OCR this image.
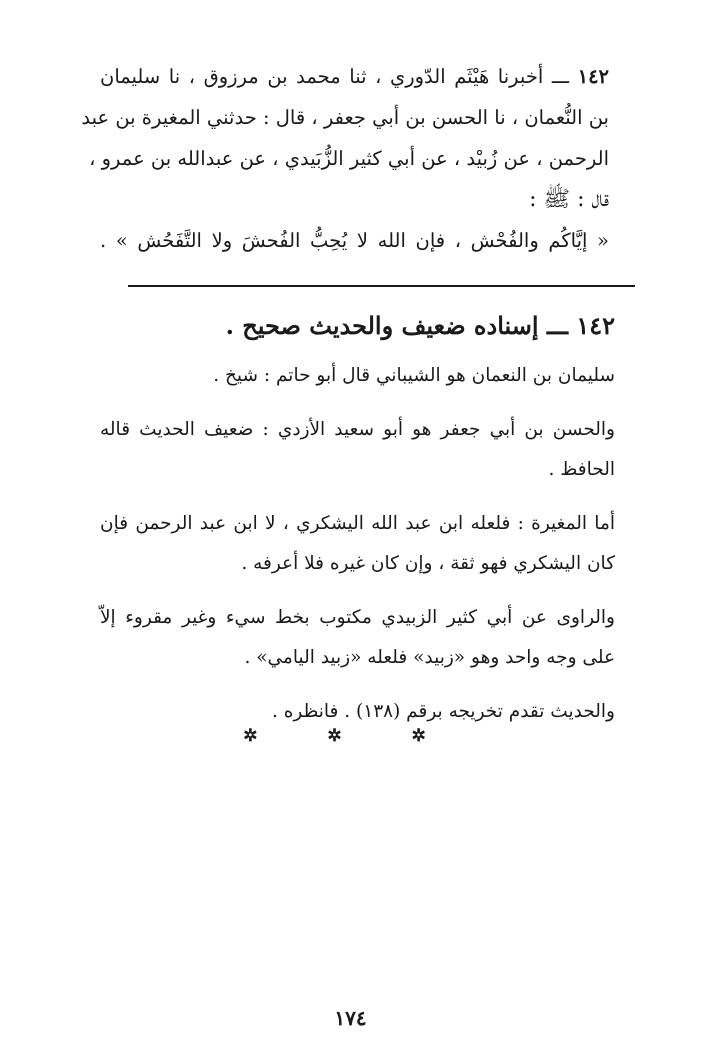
١٤٢ ـــ أخبرنا هَيْثَم الدّوري ، ثنا محمد بن مرزوق ، نا سليمان
بن النُّعمان ، نا الحسن بن أبي جعفر ، قال : حدثني المغيرة بن عبد
الرحمن ، عن زُبيْد ، عن أبي كثير الزُّبَيدي ، عن عبدالله بن عمرو ،
قال : ﷺ :
« إيَّاكُم والفُحْش ، فإن الله لا يُحِبُّ الفُحشَ ولا التَّفَحُش » .
١٤٢ ـــ إسناده ضعيف والحديث صحيح .
سليمان بن النعمان هو الشيباني قال أبو حاتم : شيخ .
والحسن بن أبي جعفر هو أبو سعيد الأزدي : ضعيف الحديث قاله
الحافظ .
أما المغيرة : فلعله ابن عبد الله اليشكري ، لا ابن عبد الرحمن فإن
كان اليشكري فهو ثقة ، وإن كان غيره فلا أعرفه .
والراوى عن أبي كثير الزبيدي مكتوب بخط سيء وغير مقروء إلاّ
على وجه واحد وهو «زبيد» فلعله «زبيد اليامي» .
والحديث تقدم تخريجه برقم (١٣٨) . فانظره .
✲ ✲ ✲
١٧٤
